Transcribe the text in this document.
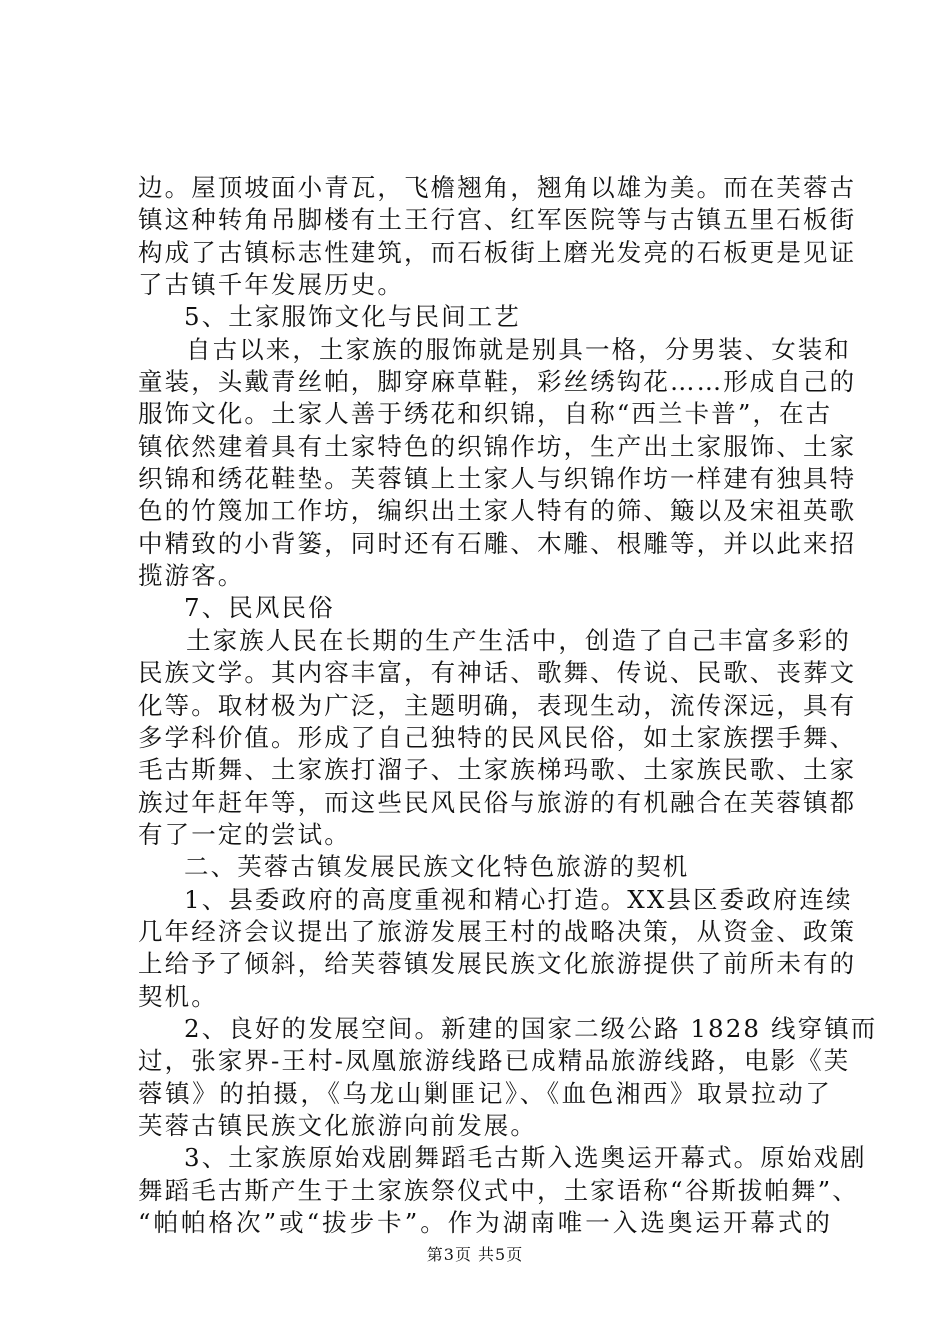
边。屋顶坡面小青瓦，飞檐翘角，翘角以雄为美。而在芙蓉古
镇这种转角吊脚楼有土王行宫、红军医院等与古镇五里石板街
构成了古镇标志性建筑，而石板街上磨光发亮的石板更是见证
了古镇千年发展历史。
5、土家服饰文化与民间工艺
自古以来，土家族的服饰就是别具一格，分男装、女装和
童装，头戴青丝帕，脚穿麻草鞋，彩丝绣钩花……形成自己的
服饰文化。土家人善于绣花和织锦，自称“西兰卡普”，在古
镇依然建着具有土家特色的织锦作坊，生产出土家服饰、土家
织锦和绣花鞋垫。芙蓉镇上土家人与织锦作坊一样建有独具特
色的竹篾加工作坊，编织出土家人特有的筛、簸以及宋祖英歌
中精致的小背篓，同时还有石雕、木雕、根雕等，并以此来招
揽游客。
7、民风民俗
土家族人民在长期的生产生活中，创造了自己丰富多彩的
民族文学。其内容丰富，有神话、歌舞、传说、民歌、丧葬文
化等。取材极为广泛，主题明确，表现生动，流传深远，具有
多学科价值。形成了自己独特的民风民俗，如土家族摆手舞、
毛古斯舞、土家族打溜子、土家族梯玛歌、土家族民歌、土家
族过年赶年等，而这些民风民俗与旅游的有机融合在芙蓉镇都
有了一定的尝试。
二、芙蓉古镇发展民族文化特色旅游的契机
1、县委政府的高度重视和精心打造。XX县区委政府连续
几年经济会议提出了旅游发展王村的战略决策，从资金、政策
上给予了倾斜，给芙蓉镇发展民族文化旅游提供了前所未有的
契机。
2、良好的发展空间。新建的国家二级公路 1828 线穿镇而
过，张家界-王村-凤凰旅游线路已成精品旅游线路，电影《芙
蓉镇》的拍摄，《乌龙山剿匪记》、《血色湘西》取景拉动了
芙蓉古镇民族文化旅游向前发展。
3、土家族原始戏剧舞蹈毛古斯入选奥运开幕式。原始戏剧
舞蹈毛古斯产生于土家族祭仪式中，土家语称“谷斯拔帕舞”、
“帕帕格次”或“拔步卡”。作为湖南唯一入选奥运开幕式的
第3页 共5页
